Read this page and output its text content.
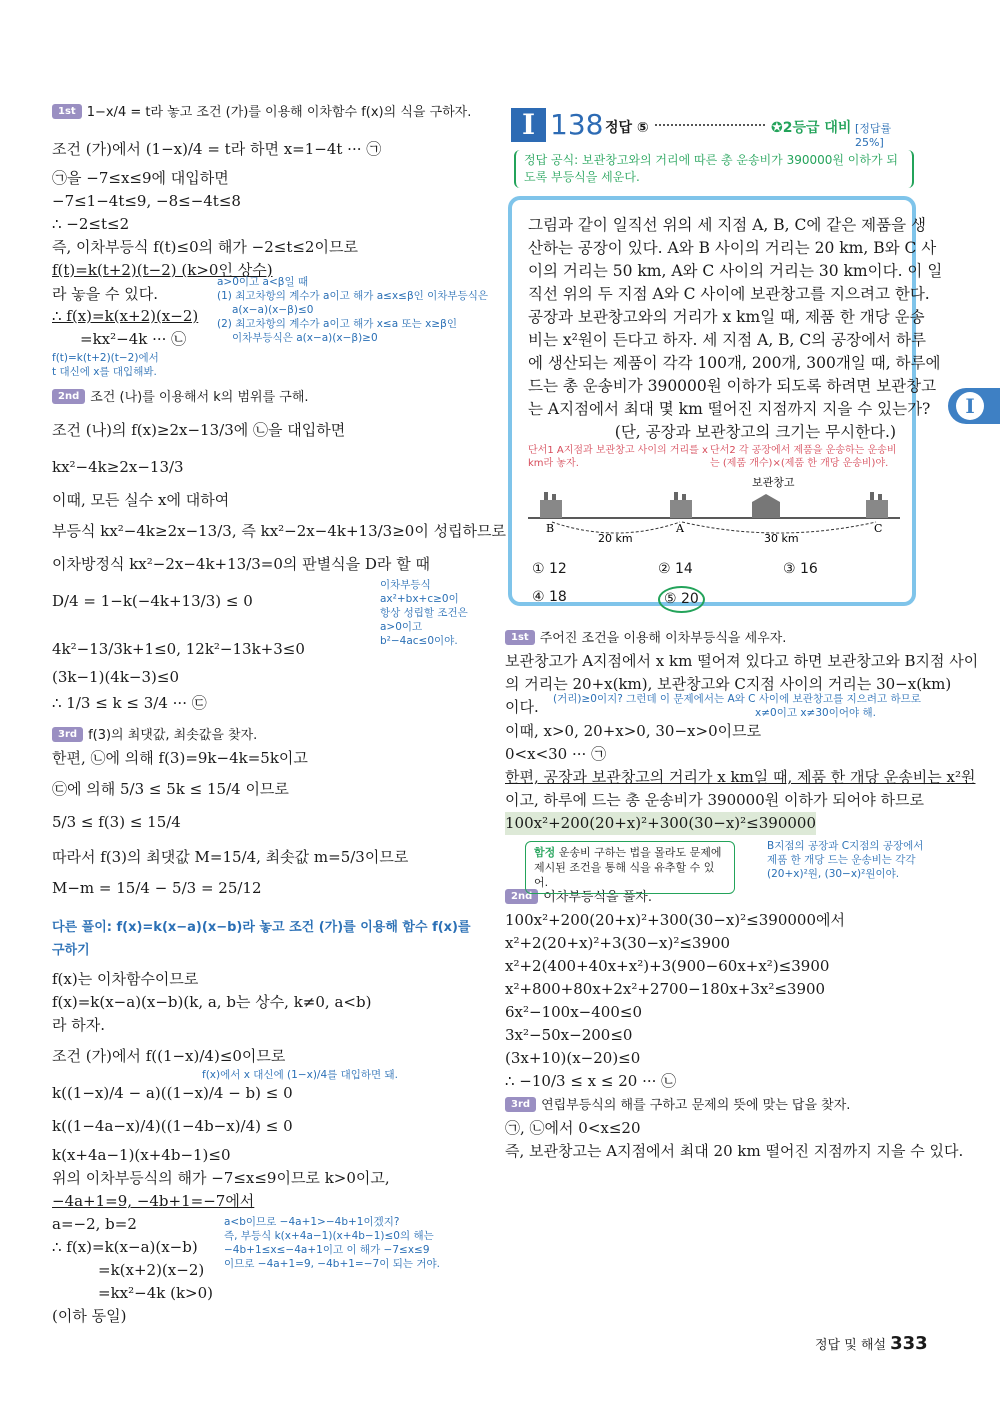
1st 1−x/4 = t라 놓고 조건 (가)를 이용해 이차함수 f(x)의 식을 구하자.
조건 (가)에서 (1−x)/4 = t라 하면 x=1−4t ··· ㉠
㉠을 −7≤x≤9에 대입하면
−7≤1−4t≤9, −8≤−4t≤8
∴ −2≤t≤2
즉, 이차부등식 f(t)≤0의 해가 −2≤t≤2이므로
f(t)=k(t+2)(t−2) (k>0인 상수)
라 놓을 수 있다.
∴ f(x)=k(x+2)(x−2)
=kx²−4k ··· ㉡
a>0이고 a<β일 때
(1) 최고차항의 계수가 a이고 해가 a≤x≤β인 이차부등식은
a(x−a)(x−β)≤0
(2) 최고차항의 계수가 a이고 해가 x≤a 또는 x≥β인
이차부등식은 a(x−a)(x−β)≥0
f(t)=k(t+2)(t−2)에서
t 대신에 x를 대입해봐.
2nd 조건 (나)를 이용해서 k의 범위를 구해.
조건 (나)의 f(x)≥2x−13/3에 ㉡을 대입하면
kx²−4k≥2x−13/3
이때, 모든 실수 x에 대하여
부등식 kx²−4k≥2x−13/3, 즉 kx²−2x−4k+13/3≥0이 성립하므로
이차방정식 kx²−2x−4k+13/3=0의 판별식을 D라 할 때
D/4 = 1−k(−4k+13/3) ≤ 0
4k²−13/3k+1≤0, 12k²−13k+3≤0
이차부등식
ax²+bx+c≥0이
항상 성립할 조건은
a>0이고
b²−4ac≤0이야.
(3k−1)(4k−3)≤0
∴ 1/3 ≤ k ≤ 3/4 ··· ㉢
3rd f(3)의 최댓값, 최솟값을 찾자.
한편, ㉡에 의해 f(3)=9k−4k=5k이고
㉢에 의해 5/3 ≤ 5k ≤ 15/4 이므로
5/3 ≤ f(3) ≤ 15/4
따라서 f(3)의 최댓값 M=15/4, 최솟값 m=5/3이므로
M−m = 15/4 − 5/3 = 25/12
다른 풀이: f(x)=k(x−a)(x−b)라 놓고 조건 (가)를 이용해 함수 f(x)를 구하기
f(x)는 이차함수이므로
f(x)=k(x−a)(x−b)(k, a, b는 상수, k≠0, a<b)
라 하자.
조건 (가)에서 f((1−x)/4)≤0이므로
f(x)에서 x 대신에 (1−x)/4를 대입하면 돼.
k((1−x)/4 − a)((1−x)/4 − b) ≤ 0
k((1−4a−x)/4)((1−4b−x)/4) ≤ 0
k(x+4a−1)(x+4b−1)≤0
위의 이차부등식의 해가 −7≤x≤9이므로 k>0이고,
−4a+1=9, −4b+1=−7에서
a=−2, b=2
∴ f(x)=k(x−a)(x−b)
=k(x+2)(x−2)
=kx²−4k (k>0)
a<b이므로 −4a+1>−4b+1이겠지?
즉, 부등식 k(x+4a−1)(x+4b−1)≤0의 해는
−4b+1≤x≤−4a+1이고 이 해가 −7≤x≤9
이므로 −4a+1=9, −4b+1=−7이 되는 거야.
(이하 동일)
I 138 정답 ⑤	✪2등급 대비 [정답률 25%]
정답 공식: 보관창고와의 거리에 따른 총 운송비가 390000원 이하가 되도록 부등식을 세운다.
그림과 같이 일직선 위의 세 지점 A, B, C에 같은 제품을 생
산하는 공장이 있다. A와 B 사이의 거리는 20 km, B와 C 사
이의 거리는 50 km, A와 C 사이의 거리는 30 km이다. 이 일
직선 위의 두 지점 A와 C 사이에 보관창고를 지으려고 한다.
공장과 보관창고와의 거리가 x km일 때, 제품 한 개당 운송
비는 x²원이 든다고 하자. 세 지점 A, B, C의 공장에서 하루
에 생산되는 제품이 각각 100개, 200개, 300개일 때, 하루에
드는 총 운송비가 390000원 이하가 되도록 하려면 보관창고
는 A지점에서 최대 몇 km 떨어진 지점까지 지을 수 있는가?
(단, 공장과 보관창고의 크기는 무시한다.)
단서1 A지점과 보관창고 사이의 거리를 x km라 놓자.
단서2 각 공장에서 제품을 운송하는 운송비는 (제품 개수)×(제품 한 개당 운송비)야.
보관창고
B	A	C
20 km	30 km
① 12	② 14	③ 16
④ 18	⑤ 20
1st 주어진 조건을 이용해 이차부등식을 세우자.
보관창고가 A지점에서 x km 떨어져 있다고 하면 보관창고와 B지점 사이
의 거리는 20+x(km), 보관창고와 C지점 사이의 거리는 30−x(km)
이다. (거리)≥0이지? 그런데 이 문제에서는 A와 C 사이에 보관창고를 지으려고 하므로
x≠0이고 x≠30이어야 해.
이때, x>0, 20+x>0, 30−x>0이므로
0<x<30 ··· ㉠
한편, 공장과 보관창고의 거리가 x km일 때, 제품 한 개당 운송비는 x²원
이고, 하루에 드는 총 운송비가 390000원 이하가 되어야 하므로
100x²+200(20+x)²+300(30−x)²≤390000
함정 운송비 구하는 법을 몰라도 문제에 제시된 조건을 통해 식을 유추할 수 있어.
B지점의 공장과 C지점의 공장에서
제품 한 개당 드는 운송비는 각각
(20+x)²원, (30−x)²원이야.
2nd 이차부등식을 풀자.
100x²+200(20+x)²+300(30−x)²≤390000에서
x²+2(20+x)²+3(30−x)²≤3900
x²+2(400+40x+x²)+3(900−60x+x²)≤3900
x²+800+80x+2x²+2700−180x+3x²≤3900
6x²−100x−400≤0
3x²−50x−200≤0
(3x+10)(x−20)≤0
∴ −10/3 ≤ x ≤ 20 ··· ㉡
3rd 연립부등식의 해를 구하고 문제의 뜻에 맞는 답을 찾자.
㉠, ㉡에서 0<x≤20
즉, 보관창고는 A지점에서 최대 20 km 떨어진 지점까지 지을 수 있다.
I
정답 및 해설 333
